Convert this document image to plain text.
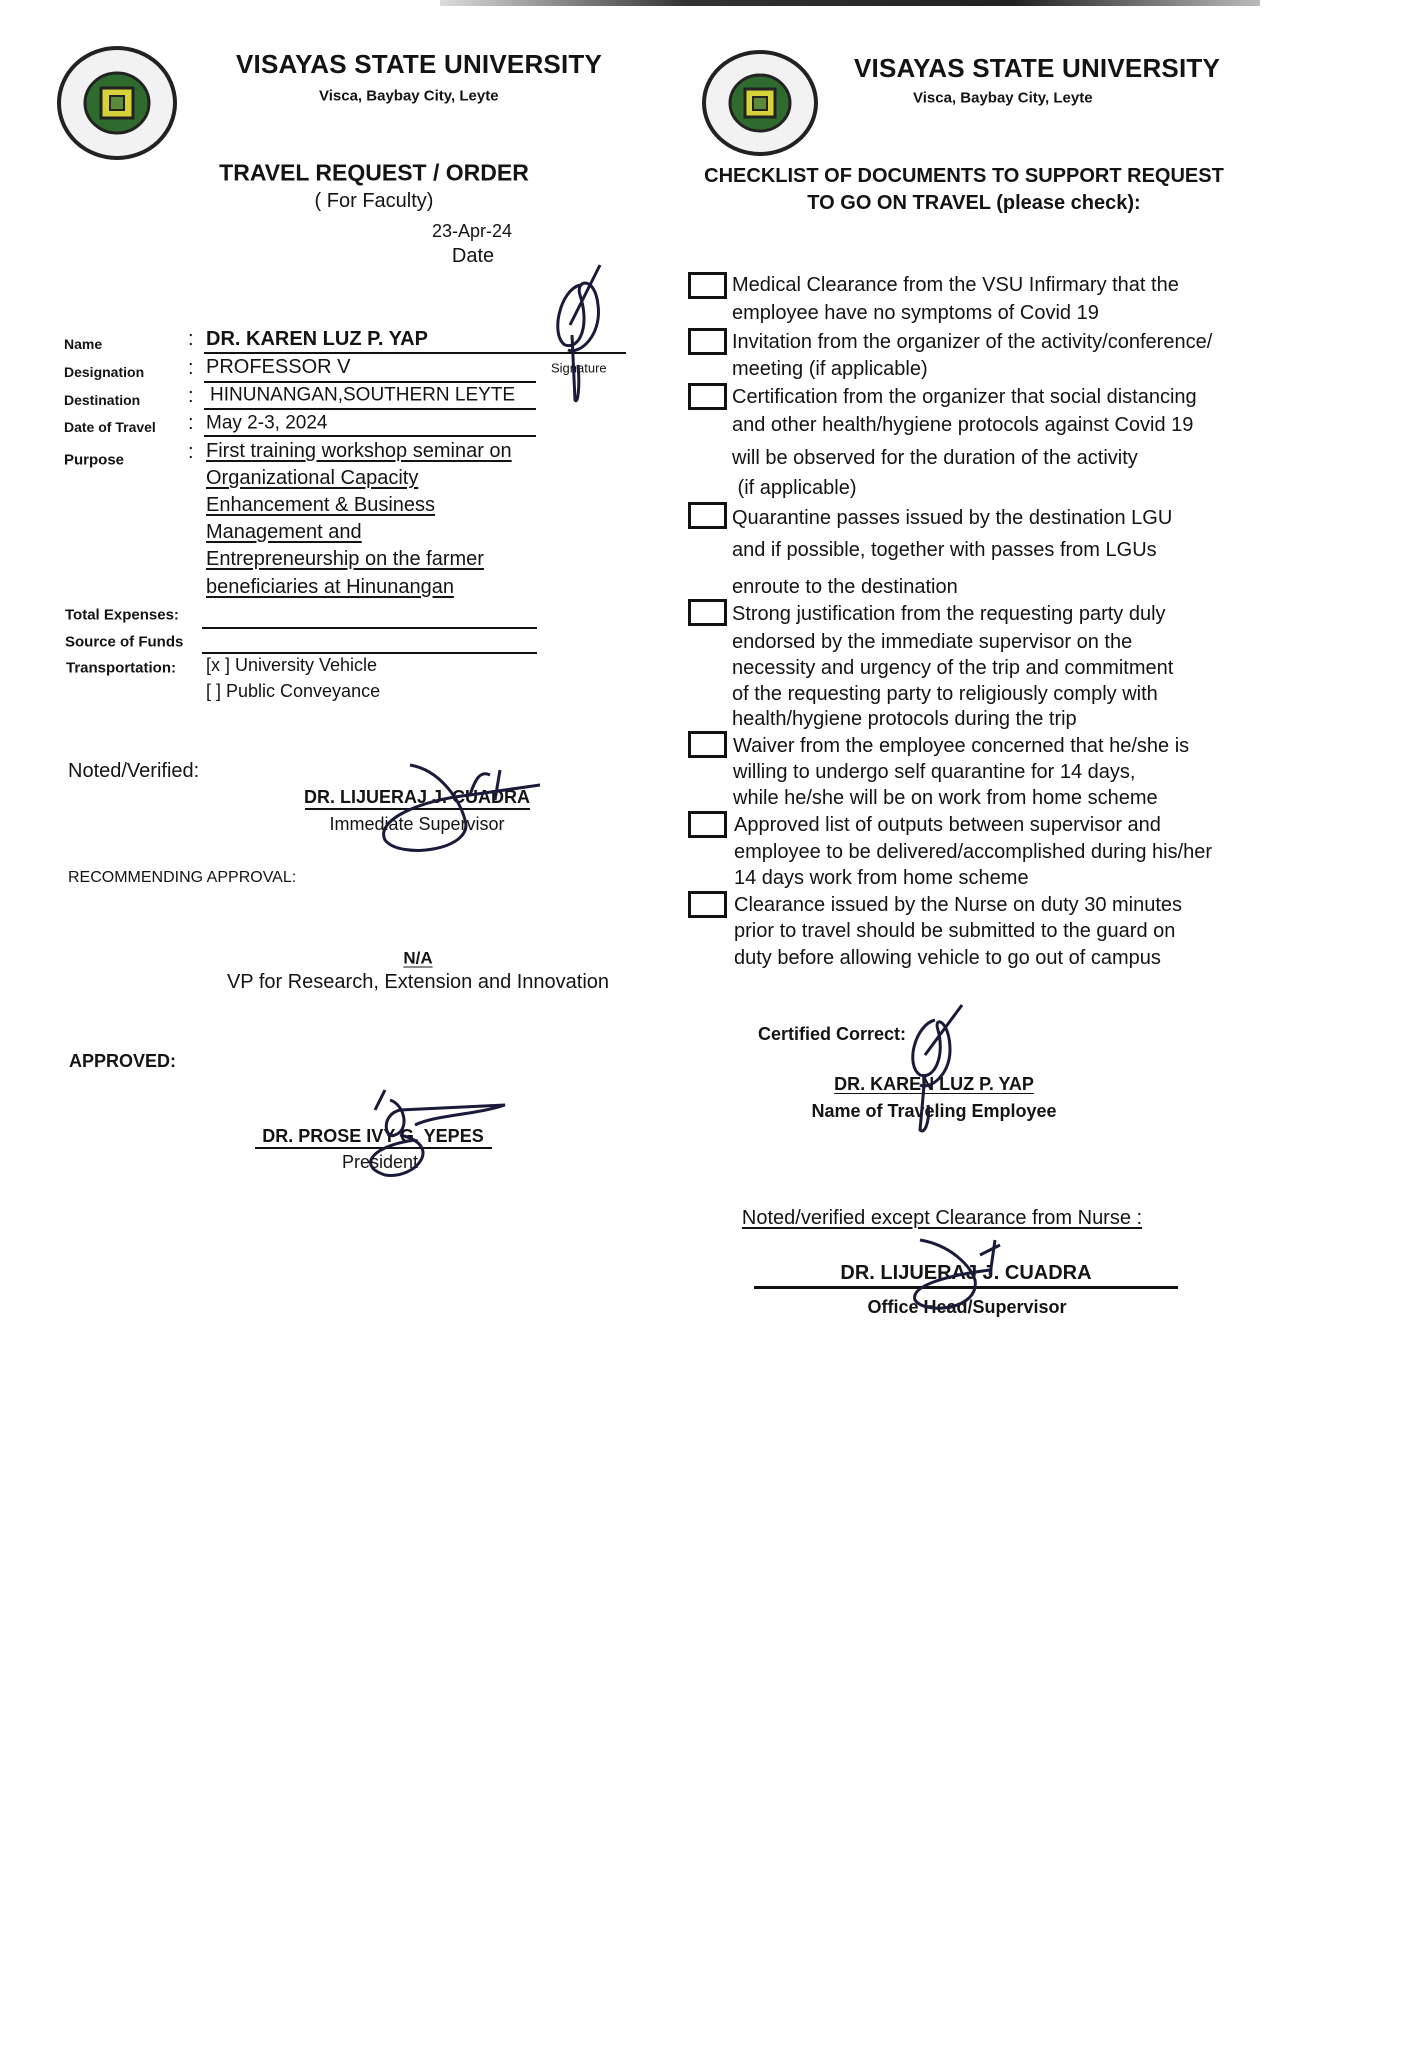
VISAYAS STATE UNIVERSITY
Visca, Baybay City, Leyte
VISAYAS STATE UNIVERSITY
Visca, Baybay City, Leyte
TRAVEL REQUEST / ORDER
( For Faculty)
23-Apr-24
Date
Name	: DR. KAREN LUZ P. YAP
Signature
Designation : PROFESSOR V
Destination : HINUNANGAN,SOUTHERN LEYTE
Date of Travel : May 2-3, 2024
Purpose	: First training workshop seminar on
Organizational Capacity
Enhancement & Business
Management and
Entrepreneurship on the farmer
beneficiaries at Hinunangan
Total Expenses:
Source of Funds
Transportation: [x ] University Vehicle
[ ] Public Conveyance
Noted/Verified:
DR. LIJUERAJ J. CUADRA
Immediate Supervisor
RECOMMENDING APPROVAL:
N/A
VP for Research, Extension and Innovation
APPROVED:
DR. PROSE IVY G. YEPES
President
CHECKLIST OF DOCUMENTS TO SUPPORT REQUEST
TO GO ON TRAVEL (please check):
Medical Clearance from the VSU Infirmary that the
employee have no symptoms of Covid 19
Invitation from the organizer of the activity/conference/
meeting (if applicable)
Certification from the organizer that social distancing
and other health/hygiene protocols against Covid 19
will be observed for the duration of the activity
(if applicable)
Quarantine passes issued by the destination LGU
and if possible, together with passes from LGUs
enroute to the destination
Strong justification from the requesting party duly
endorsed by the immediate supervisor on the
necessity and urgency of the trip and commitment
of the requesting party to religiously comply with
health/hygiene protocols during the trip
Waiver from the employee concerned that he/she is
willing to undergo self quarantine for 14 days,
while he/she will be on work from home scheme
Approved list of outputs between supervisor and
employee to be delivered/accomplished during his/her
14 days work from home scheme
Clearance issued by the Nurse on duty 30 minutes
prior to travel should be submitted to the guard on
duty before allowing vehicle to go out of campus
Certified Correct:
DR. KAREN LUZ P. YAP
Name of Traveling Employee
Noted/verified except Clearance from Nurse :
DR. LIJUERAJ J. CUADRA
Office Head/Supervisor
